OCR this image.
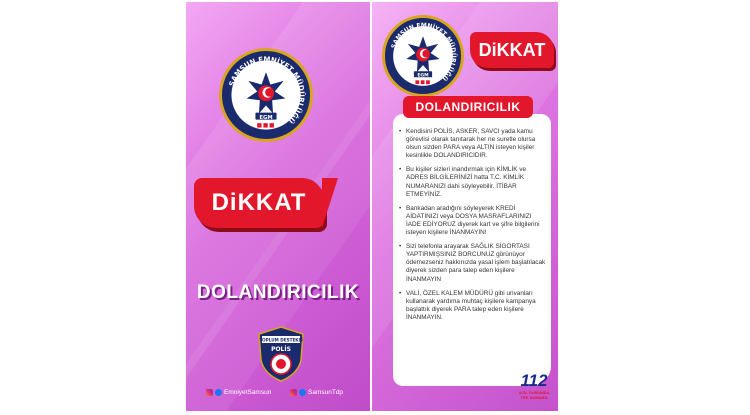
SAMSUN EMNİYET MÜDÜRLÜĞÜ
EGM
DiKKAT
DOLANDIRICILIK
TOPLUM DESTEKLİ
POLİS
EmniyetSamsun	SamsunTdp
SAMSUN EMNİYET MÜDÜRLÜĞÜ
EGM
DiKKAT
DOLANDIRICILIK
• Kendisini POLİS, ASKER, SAVCI yada kamu görevlisi olarak tanıtarak her ne suretle olursa olsun sizden PARA veya ALTIN isteyen kişiler kesinlikle DOLANDIRICIDIR.
• Bu kişiler sizleri inandırmak için KİMLİK ve ADRES BİLGİLERİNİZİ hatta T.C. KİMLİK NUMARANIZI dahi söyleyebilir. İTİBAR ETMEYİNİZ.
• Bankadan aradığını söyleyerek KREDİ AİDATINIZI veya DOSYA MASRAFLARINIZI İADE EDİYORUZ diyerek kart ve şifre bilgilerini isteyen kişilere İNANMAYIN!
• Sizi telefonla arayarak SAĞLIK SİGORTASI YAPTIRMIŞSINIZ BORCUNUZ görünüyor ödemezseniz hakkınızda yasal işlem başlatılacak diyerek sizden para talep eden kişilere İNANMAYIN
• VALİ, ÖZEL KALEM MÜDÜRÜ gibi unvanları kullanarak yardıma muhtaç kişilere kampanya başlattık diyerek PARA talep eden kişilere İNANMAYIN.
112
ACİL DURUMDA
TEK NUMARA
